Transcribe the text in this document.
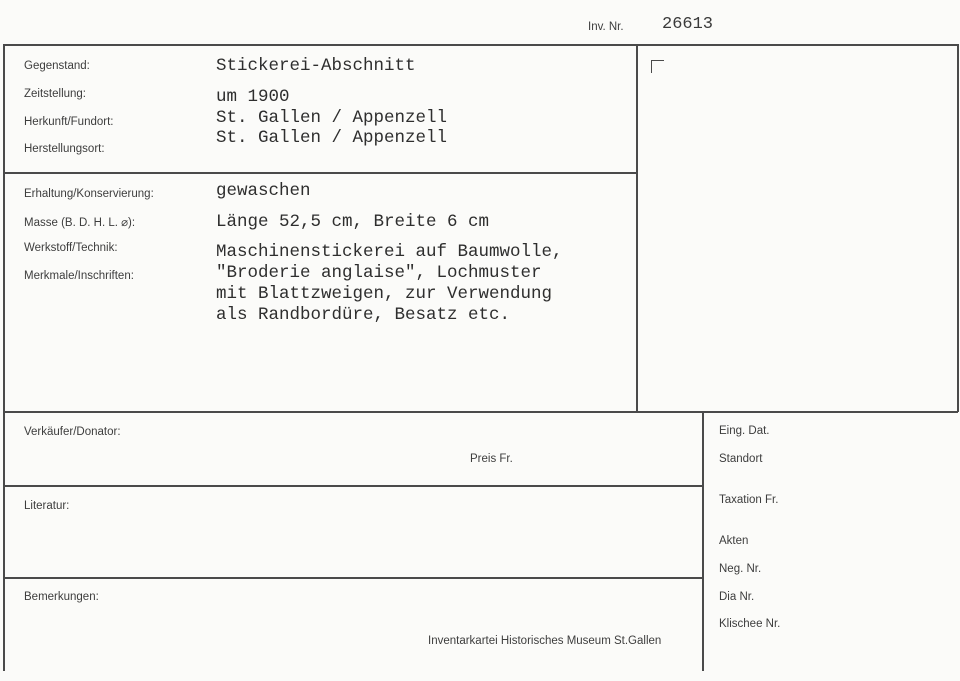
Inv. Nr. 26613
Gegenstand:
Zeitstellung:
Herkunft/Fundort:
Herstellungsort:
Stickerei-Abschnitt
um 1900
St. Gallen / Appenzell
St. Gallen / Appenzell
Erhaltung/Konservierung:
Masse (B. D. H. L. ⌀):
Werkstoff/Technik:
Merkmale/Inschriften:
gewaschen
Länge 52,5 cm, Breite 6 cm
Maschinenstickerei auf Baumwolle,
"Broderie anglaise", Lochmuster
mit Blattzweigen, zur Verwendung
als Randbordüre, Besatz etc.
Verkäufer/Donator:
Preis Fr.
Literatur:
Bemerkungen:
Inventarkartei Historisches Museum St.Gallen
Eing. Dat.
Standort
Taxation Fr.
Akten
Neg. Nr.
Dia Nr.
Klischee Nr.
